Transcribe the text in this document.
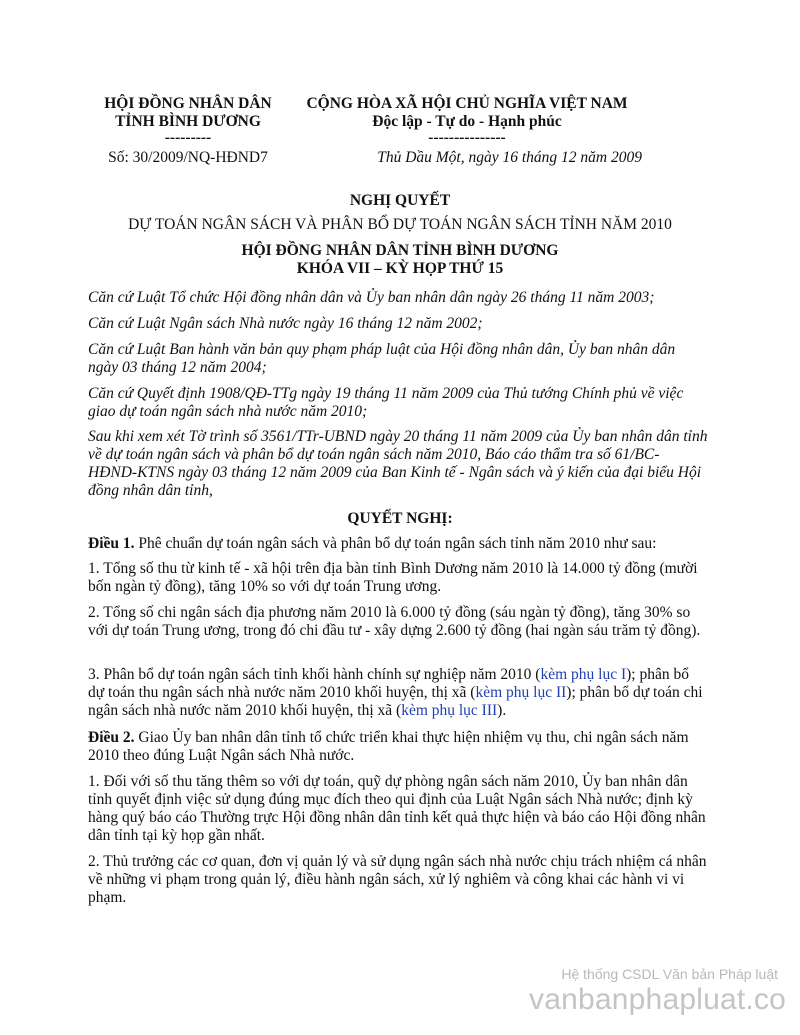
HỘI ĐỒNG NHÂN DÂN
TỈNH BÌNH DƯƠNG
---------
CỘNG HÒA XÃ HỘI CHỦ NGHĨA VIỆT NAM
Độc lập - Tự do - Hạnh phúc
---------------
Số: 30/2009/NQ-HĐND7	Thủ Dầu Một, ngày 16 tháng 12 năm 2009
NGHỊ QUYẾT
DỰ TOÁN NGÂN SÁCH VÀ PHÂN BỔ DỰ TOÁN NGÂN SÁCH TỈNH NĂM 2010
HỘI ĐỒNG NHÂN DÂN TỈNH BÌNH DƯƠNG
KHÓA VII – KỲ HỌP THỨ 15
Căn cứ Luật Tổ chức Hội đồng nhân dân và Ủy ban nhân dân ngày 26 tháng 11 năm 2003;
Căn cứ Luật Ngân sách Nhà nước ngày 16 tháng 12 năm 2002;
Căn cứ Luật Ban hành văn bản quy phạm pháp luật của Hội đồng nhân dân, Ủy ban nhân dân ngày 03 tháng 12 năm 2004;
Căn cứ Quyết định 1908/QĐ-TTg ngày 19 tháng 11 năm 2009 của Thủ tướng Chính phủ về việc giao dự toán ngân sách nhà nước năm 2010;
Sau khi xem xét Tờ trình số 3561/TTr-UBND ngày 20 tháng 11 năm 2009 của Ủy ban nhân dân tỉnh về dự toán ngân sách và phân bổ dự toán ngân sách năm 2010, Báo cáo thẩm tra số 61/BC-HĐND-KTNS ngày 03 tháng 12 năm 2009 của Ban Kinh tế - Ngân sách và ý kiến của đại biểu Hội đồng nhân dân tỉnh,
QUYẾT NGHỊ:
Điều 1. Phê chuẩn dự toán ngân sách và phân bổ dự toán ngân sách tỉnh năm 2010 như sau:
1. Tổng số thu từ kinh tế - xã hội trên địa bàn tỉnh Bình Dương năm 2010 là 14.000 tỷ đồng (mười bốn ngàn tỷ đồng), tăng 10% so với dự toán Trung ương.
2. Tổng số chi ngân sách địa phương năm 2010 là 6.000 tỷ đồng (sáu ngàn tỷ đồng), tăng 30% so với dự toán Trung ương, trong đó chi đầu tư - xây dựng 2.600 tỷ đồng (hai ngàn sáu trăm tỷ đồng).
3. Phân bổ dự toán ngân sách tỉnh khối hành chính sự nghiệp năm 2010 (kèm phụ lục I); phân bổ dự toán thu ngân sách nhà nước năm 2010 khối huyện, thị xã (kèm phụ lục II); phân bổ dự toán chi ngân sách nhà nước năm 2010 khối huyện, thị xã (kèm phụ lục III).
Điều 2. Giao Ủy ban nhân dân tỉnh tổ chức triển khai thực hiện nhiệm vụ thu, chi ngân sách năm 2010 theo đúng Luật Ngân sách Nhà nước.
1. Đối với số thu tăng thêm so với dự toán, quỹ dự phòng ngân sách năm 2010, Ủy ban nhân dân tỉnh quyết định việc sử dụng đúng mục đích theo qui định của Luật Ngân sách Nhà nước; định kỳ hàng quý báo cáo Thường trực Hội đồng nhân dân tỉnh kết quả thực hiện và báo cáo Hội đồng nhân dân tỉnh tại kỳ họp gần nhất.
2. Thủ trưởng các cơ quan, đơn vị quản lý và sử dụng ngân sách nhà nước chịu trách nhiệm cá nhân về những vi phạm trong quản lý, điều hành ngân sách, xử lý nghiêm và công khai các hành vi vi phạm.
Hệ thống CSDL Văn bản Pháp luật
vanbanphapluat.co
